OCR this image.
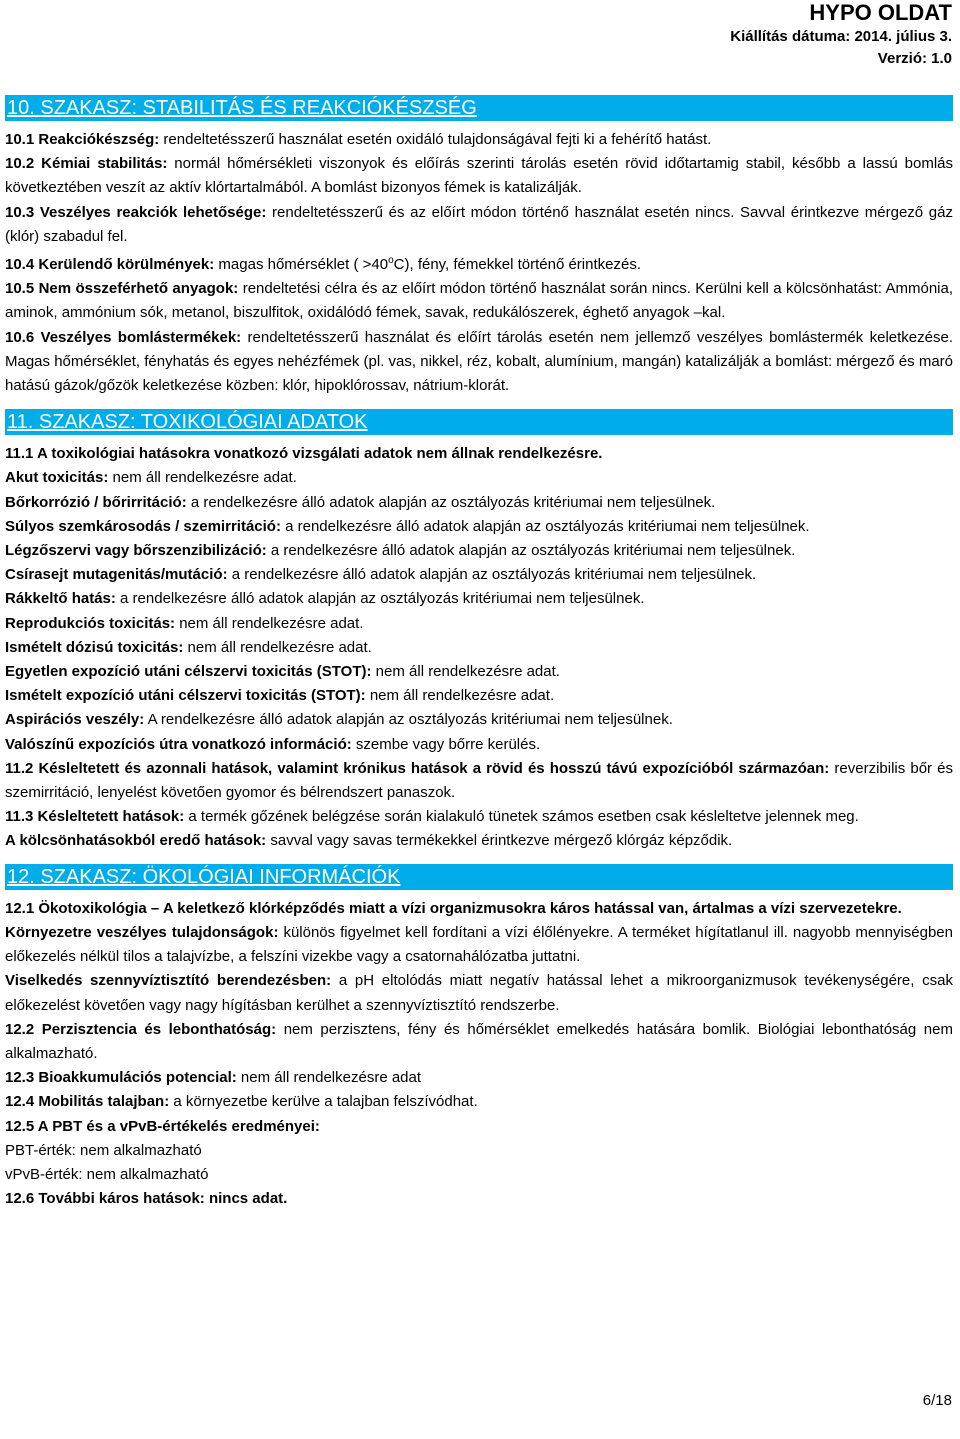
HYPO OLDAT
Kiállítás dátuma: 2014. július 3.
Verzió: 1.0
10. SZAKASZ: STABILITÁS ÉS REAKCIÓKÉSZSÉG

10.1 Reakciókészség: rendeltetésszerű használat esetén oxidáló tulajdonságával fejti ki a fehérítő hatást.

10.2 Kémiai stabilitás: normál hőmérsékleti viszonyok és előírás szerinti tárolás esetén rövid időtartamig stabil, később a lassú bomlás következtében veszít az aktív klórtartalmából. A bomlást bizonyos fémek is katalizálják.

10.3 Veszélyes reakciók lehetősége: rendeltetésszerű és az előírt módon történő használat esetén nincs. Savval érintkezve mérgező gáz (klór) szabadul fel.

10.4 Kerülendő körülmények: magas hőmérséklet ( $>40^oC$), fény, fémekkel történő érintkezés.

10.5 Nem összeférhető anyagok: rendeltetési célra és az előírt módon történő használat során nincs. Kerülni kell a kölcsönhatást: Ammónia, aminok, ammónium sók, metanol, biszulfitok, oxidálódó fémek, savak, redukálószerek, éghető anyagok –kal.

10.6 Veszélyes bomlástermékek: rendeltetésszerű használat és előírt tárolás esetén nem jellemző veszélyes bomlástermék keletkezése. Magas hőmérséklet, fényhatás és egyes nehézfémek (pl. vas, nikkel, réz, kobalt, alumínium, mangán) katalizálják a bomlást: mérgező és maró hatású gázok/gőzök keletkezése közben: klór, hipoklórossav, nátrium-klorát.

11. SZAKASZ: TOXIKOLÓGIAI ADATOK

11.1 A toxikológiai hatásokra vonatkozó vizsgálati adatok nem állnak rendelkezésre.

Akut toxicitás: nem áll rendelkezésre adat.

Bőrkorrózió / bőrirritáció: a rendelkezésre álló adatok alapján az osztályozás kritériumai nem teljesülnek.

Súlyos szemkárosodás / szemirritáció: a rendelkezésre álló adatok alapján az osztályozás kritériumai nem teljesülnek.

Légzőszervi vagy bőrszenzibilizáció: a rendelkezésre álló adatok alapján az osztályozás kritériumai nem teljesülnek.

Csírasejt mutagenitás/mutáció: a rendelkezésre álló adatok alapján az osztályozás kritériumai nem teljesülnek.

Rákkeltő hatás: a rendelkezésre álló adatok alapján az osztályozás kritériumai nem teljesülnek.

Reprodukciós toxicitás: nem áll rendelkezésre adat.

Ismételt dózisú toxicitás: nem áll rendelkezésre adat.

Egyetlen expozíció utáni célszervi toxicitás (STOT): nem áll rendelkezésre adat.

Ismételt expozíció utáni célszervi toxicitás (STOT): nem áll rendelkezésre adat.

Aspirációs veszély: A rendelkezésre álló adatok alapján az osztályozás kritériumai nem teljesülnek.

Valószínű expozíciós útra vonatkozó információ: szembe vagy bőrre kerülés.

11.2 Késleltetett és azonnali hatások, valamint krónikus hatások a rövid és hosszú távú expozícióból származóan: reverzibilis bőr és szemirritáció, lenyelést követően gyomor és bélrendszert panaszok.

11.3 Késleltetett hatások: a termék gőzének belégzése során kialakuló tünetek számos esetben csak késleltetve jelennek meg.

A kölcsönhatásokból eredő hatások: savval vagy savas termékekkel érintkezve mérgező klórgáz képződik.

12. SZAKASZ: ÖKOLÓGIAI INFORMÁCIÓK

12.1 Ökotoxikológia – A keletkező klórképződés miatt a vízi organizmusokra káros hatással van, ártalmas a vízi szervezetekre.

Környezetre veszélyes tulajdonságok: különös figyelmet kell fordítani a vízi élőlényekre. A terméket hígítatlanul ill. nagyobb mennyiségben előkezelés nélkül tilos a talajvízbe, a felszíni vizekbe vagy a csatornahálózatba juttatni.

Viselkedés szennyvíztisztító berendezésben: a pH eltolódás miatt negatív hatással lehet a mikroorganizmusok tevékenységére, csak előkezelést követően vagy nagy hígításban kerülhet a szennyvíztisztító rendszerbe.

12.2 Perzisztencia és lebonthatóság: nem perzisztens, fény és hőmérséklet emelkedés hatására bomlik. Biológiai lebonthatóság nem alkalmazható.

12.3 Bioakkumulációs potencial: nem áll rendelkezésre adat

12.4 Mobilitás talajban: a környezetbe kerülve a talajban felszívódhat.

12.5 A PBT és a vPvB-értékelés eredményei:

PBT-érték: nem alkalmazható

vPvB-érték: nem alkalmazható

12.6 További káros hatások: nincs adat.

6/18
